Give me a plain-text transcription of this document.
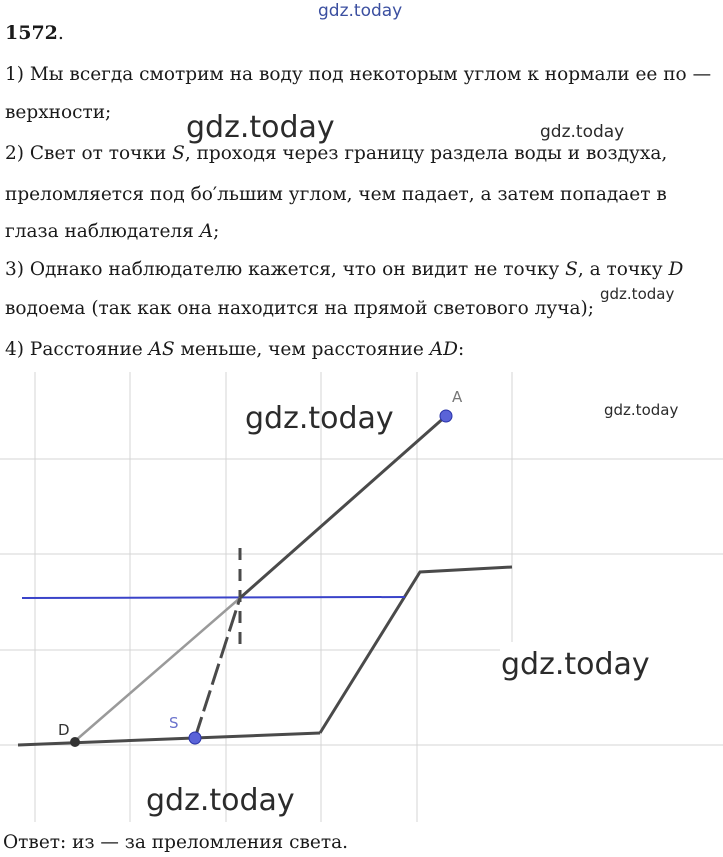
gdz.today
gdz.today	gdz.today
gdz.today
gdz.today
1572.
1) Мы всегда смотрим на воду под некоторым углом к нормали ее по —
верхности;
2) Свет от точки S, проходя через границу раздела воды и воздуха,
преломляется под бо′льшим углом, чем падает, а затем попадает в
глаза наблюдателя A;
3) Однако наблюдателю кажется, что он видит не точку S, а точку D
водоема (так как она находится на прямой светового луча);
4) Расстояние AS меньше, чем расстояние AD:
A
S
D
gdz.today
gdz.today
gdz.today
Ответ: из — за преломления света.
